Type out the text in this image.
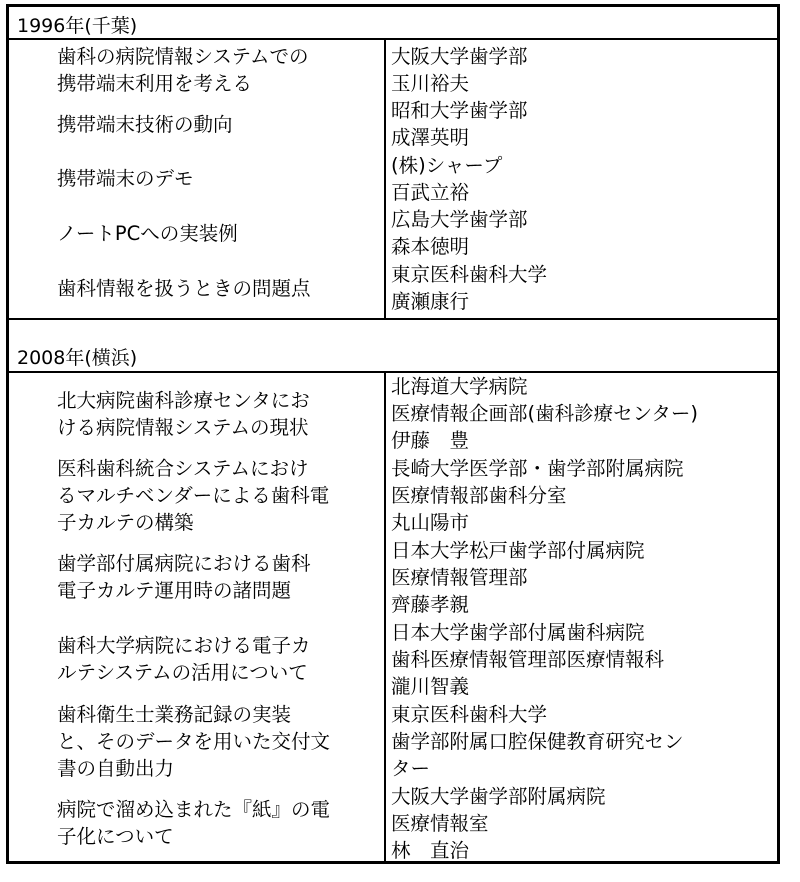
1996年(千葉)
歯科の病院情報システムでの
携帯端末利用を考える
大阪大学歯学部
玉川裕夫
携帯端末技術の動向
昭和大学歯学部
成澤英明
携帯端末のデモ
(株)シャープ
百武立裕
ノートPCへの実装例
広島大学歯学部
森本徳明
歯科情報を扱うときの問題点
東京医科歯科大学
廣瀬康行
2008年(横浜)
北大病院歯科診療センタにお
ける病院情報システムの現状
北海道大学病院
医療情報企画部(歯科診療センター)
伊藤　豊
医科歯科統合システムにおけ
るマルチベンダーによる歯科電
子カルテの構築
長崎大学医学部・歯学部附属病院
医療情報部歯科分室
丸山陽市
歯学部付属病院における歯科
電子カルテ運用時の諸問題
日本大学松戸歯学部付属病院
医療情報管理部
齊藤孝親
歯科大学病院における電子カ
ルテシステムの活用について
日本大学歯学部付属歯科病院
歯科医療情報管理部医療情報科
瀧川智義
歯科衛生士業務記録の実装
と、そのデータを用いた交付文
書の自動出力
東京医科歯科大学
歯学部附属口腔保健教育研究セン
ター
病院で溜め込まれた『紙』の電
子化について
大阪大学歯学部附属病院
医療情報室
林　直治
